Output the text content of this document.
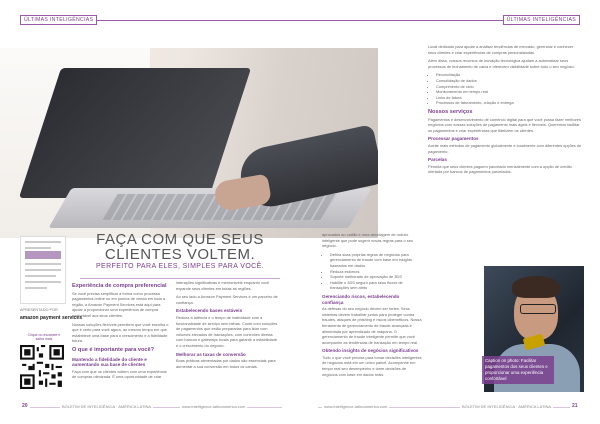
ÚLTIMAS INTELIGÊNCIAS	ÚLTIMAS INTELIGÊNCIAS
FAÇA COM QUE SEUS
CLIENTES VOLTEM.
PERFEITO PARA ELES, SIMPLES PARA VOCÊ.
APRESENTADO POR
amazon payment services
Clique ou escaneie e saiba mais
Experiência de compra preferencial

Se você precisa simplificar a forma como processa pagamentos online ou em pontos de venda em toda a região, a Amazon Payment Services está aqui para ajudar a proporcionar uma experiência de compra confortável aos seus clientes.

Nossas soluções flexíveis permitem que você escolha o que é certo para você agora, ao mesmo tempo em que estabelece uma base para o crescimento e a fidelidade futura.

O que é importante para você?
Mantendo a fidelidade do cliente e aumentando sua base de clientes

Faça com que os clientes voltem com uma experiência de compras otimizada. É uma oportunidade de criar

interações significativas e memoráveis enquanto você expande seus clientes em todas as regiões.

Ao seu lado a Amazon Payment Services é um parceiro de confiança.

Estabelecendo bases estáveis

Reduza a latência e o tempo de inatividade com a funcionalidade de serviço sem falhas. Conte com soluções de pagamentos que estão preparadas para lidar com volumes elevados de transações, com conexões diretas com bancos e gateways locais para garantir a estabilidade e o crescimento do negócio.

Melhorar as taxas de conversão

Boas práticas alimentadas por dados são essenciais para aumentar a sua conversão em todos os canais.

aprovados ao cartão e uma abordagem de rodízio inteligente que pode sugerir novas regras para o seu negócio.

• Defina suas próprias regras de negócios para gerenciamento de fraude com base em insights baseados em dados
• Reduza estornos
• Suporte melhorado de aprovação de 3DS
• Habilite o 3DS seguro para seus fluxos de transações sem atrito
Gerenciando riscos, estabelecendo confiança

As defesas do seu negócio devem ser fortes. Seus sistemas devem trabalhar juntos para proteger contra fraudes, ataques de phishing e riscos cibernéticos. Nossa ferramenta de gerenciamento de fraude avançada é alimentada por aprendizado de máquina. O gerenciamento de fraude inteligente permite que você acompanhe as tendências de transação em tempo real.

Obtendo insights de negócios significativos

Tudo o que você precisa para tomar decisões inteligentes de negócios está em um único painel. Acompanhe em tempo real seu desempenho e tome decisões de negócios com base em dados reais.

Local dedicado para ajudar a analisar tendências de mercado, gerenciar e conhecer seus clientes e criar experiências de compras personalizadas.

Além disso, nossos recursos de inovação tecnológica ajudam a automatizar seus processos de fechamento de caixa e oferecem visibilidade sobre todo o seu negócio:

• Reconciliação
• Consolidação de dados
• Cumprimento de ciclo
• Monitoramento em tempo real
• Links de fatura
• Processos de faturamento, criação e entrega
Nossos serviços

Pagamentos e desenvolvimento de comércio digital para que você possa fazer melhores negócios com nossas soluções de pagamento mais ágeis e flexíveis. Queremos facilitar os pagamentos e criar experiências que fidelizem os clientes.

Processar pagamentos

Aceite mais métodos de pagamento globalmente e localmente com diferentes opções de pagamento.

Parcelas

Permita que seus clientes paguem parcelado mensalmente com a opção de crédito ofertada por bancos de pagamentos parcelados.

Caption on photo: Facilitar pagamentos dos seus clientes e proporcionar uma experiência confortável
20	BOLETIM DE INTELIGÊNCIA · AMÉRICA LATINA	www.intelligence-latinoamerica.com	www.intelligence-latinoamerica.com	BOLETIM DE INTELIGÊNCIA · AMÉRICA LATINA	21
